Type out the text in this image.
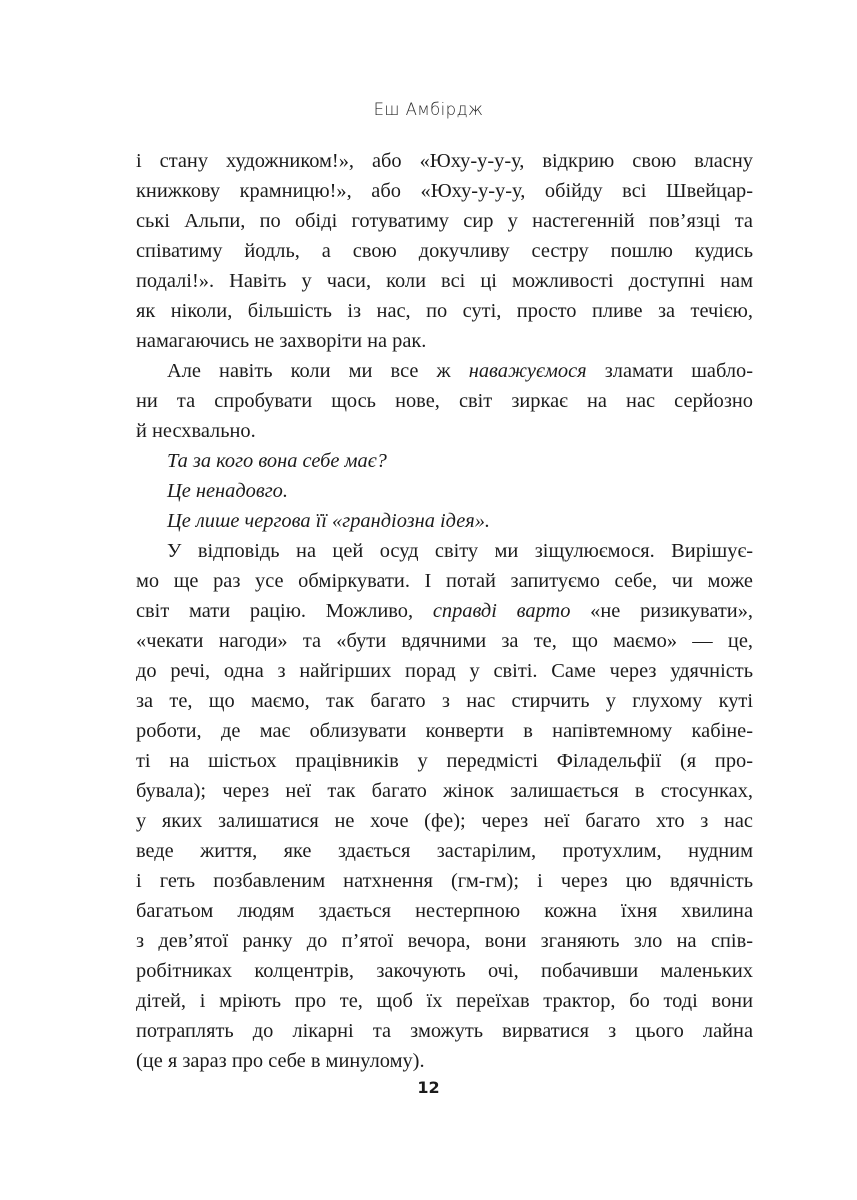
Еш Амбірдж

і стану художником!», або «Юху-у-у-у, відкрию свою власну
книжкову крамницю!», або «Юху-у-у-у, обійду всі Швейцар-
ські Альпи, по обіді готуватиму сир у настегенній пов’язці та
співатиму йодль, а свою докучливу сестру пошлю кудись
подалі!». Навіть у часи, коли всі ці можливості доступні нам
як ніколи, більшість із нас, по суті, просто пливе за течією,
намагаючись не захворіти на рак.

Але навіть коли ми все ж наважуємося зламати шабло-
ни та спробувати щось нове, світ зиркає на нас серйозно
й несхвально.

Та за кого вона себе має?

Це ненадовго.

Це лише чергова її «грандіозна ідея».

У відповідь на цей осуд світу ми зіщулюємося. Вирішує-
мо ще раз усе обміркувати. І потай запитуємо себе, чи може
світ мати рацію. Можливо, справді варто «не ризикувати»,
«чекати нагоди» та «бути вдячними за те, що маємо» — це,
до речі, одна з найгірших порад у світі. Саме через удячність
за те, що маємо, так багато з нас стирчить у глухому куті
роботи, де має облизувати конверти в напівтемному кабіне-
ті на шістьох працівників у передмісті Філадельфії (я про-
бувала); через неї так багато жінок залишається в стосунках,
у яких залишатися не хоче (фе); через неї багато хто з нас
веде життя, яке здається застарілим, протухлим, нудним
і геть позбавленим натхнення (гм-гм); і через цю вдячність
багатьом людям здається нестерпною кожна їхня хвилина
з дев’ятої ранку до п’ятої вечора, вони зганяють зло на спів-
робітниках колцентрів, закочують очі, побачивши маленьких
дітей, і мріють про те, щоб їх переїхав трактор, бо тоді вони
потраплять до лікарні та зможуть вирватися з цього лайна
(це я зараз про себе в минулому).

12
